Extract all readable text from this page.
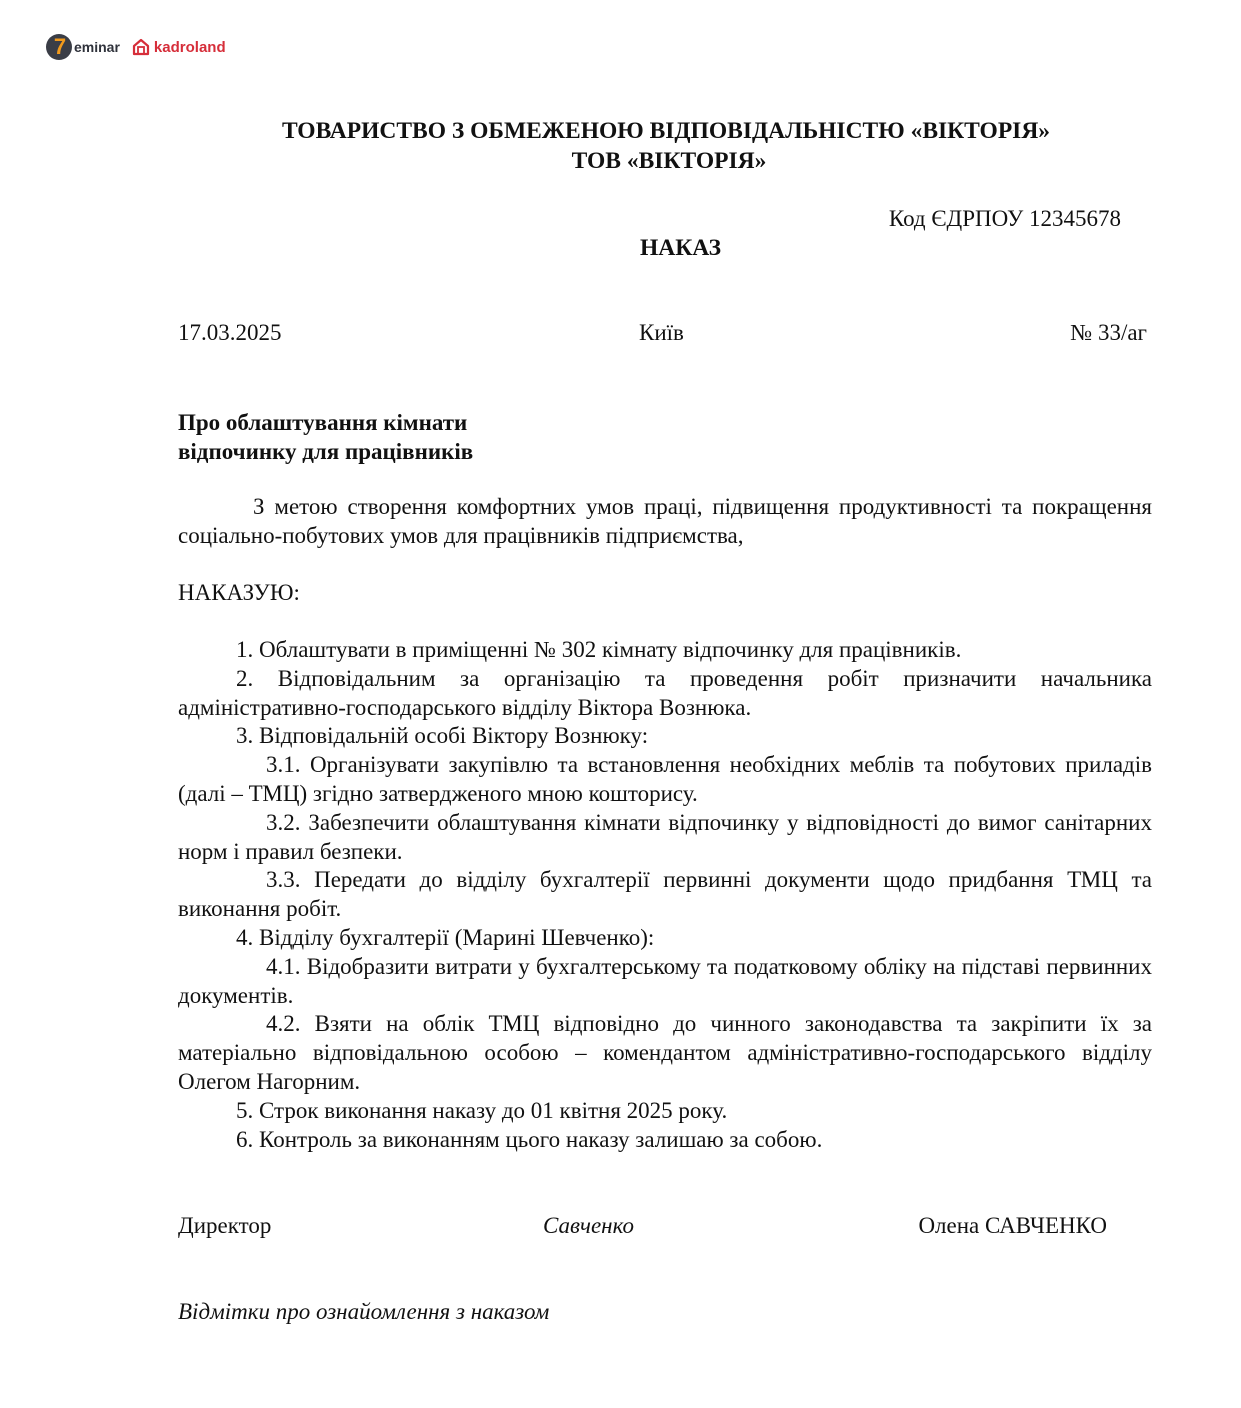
7 eminar kadroland
ТОВАРИСТВО З ОБМЕЖЕНОЮ ВІДПОВІДАЛЬНІСТЮ «ВІКТОРІЯ»
ТОВ «ВІКТОРІЯ»
Код ЄДРПОУ 12345678
НАКАЗ
17.03.2025	Київ	№ 33/аг
Про облаштування кімнати
відпочинку для працівників
З метою створення комфортних умов праці, підвищення продуктивності та покращення соціально-побутових умов для працівників підприємства,
НАКАЗУЮ:

1. Облаштувати в приміщенні № 302 кімнату відпочинку для працівників.

2. Відповідальним за організацію та проведення робіт призначити начальника адміністративно-господарського відділу Віктора Вознюка.

3. Відповідальній особі Віктору Вознюку:

3.1. Організувати закупівлю та встановлення необхідних меблів та побутових приладів (далі – ТМЦ) згідно затвердженого мною кошторису.

3.2. Забезпечити облаштування кімнати відпочинку у відповідності до вимог санітарних норм і правил безпеки.

3.3. Передати до відділу бухгалтерії первинні документи щодо придбання ТМЦ та виконання робіт.

4. Відділу бухгалтерії (Марині Шевченко):

4.1. Відобразити витрати у бухгалтерському та податковому обліку на підставі первинних документів.

4.2. Взяти на облік ТМЦ відповідно до чинного законодавства та закріпити їх за матеріально відповідальною особою – комендантом адміністративно-господарського відділу Олегом Нагорним.

5. Строк виконання наказу до 01 квітня 2025 року.

6. Контроль за виконанням цього наказу залишаю за собою.

Директор	Савченко	Олена САВЧЕНКО
Відмітки про ознайомлення з наказом
